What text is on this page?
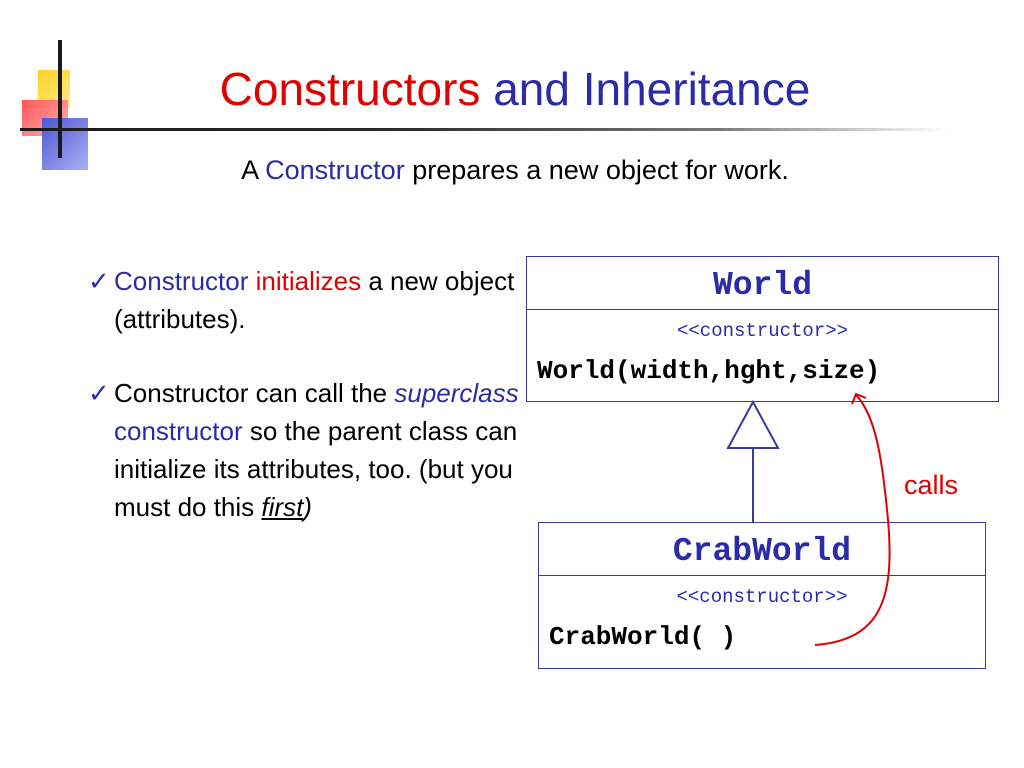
Constructors and Inheritance
A Constructor prepares a new object for work.
✓ Constructor initializes a new object (attributes).
✓ Constructor can call the superclass constructor so the parent class can initialize its attributes, too. (but you must do this first)
World
<<constructor>>
World(width,hght,size)
CrabWorld
<<constructor>>
CrabWorld( )
calls
